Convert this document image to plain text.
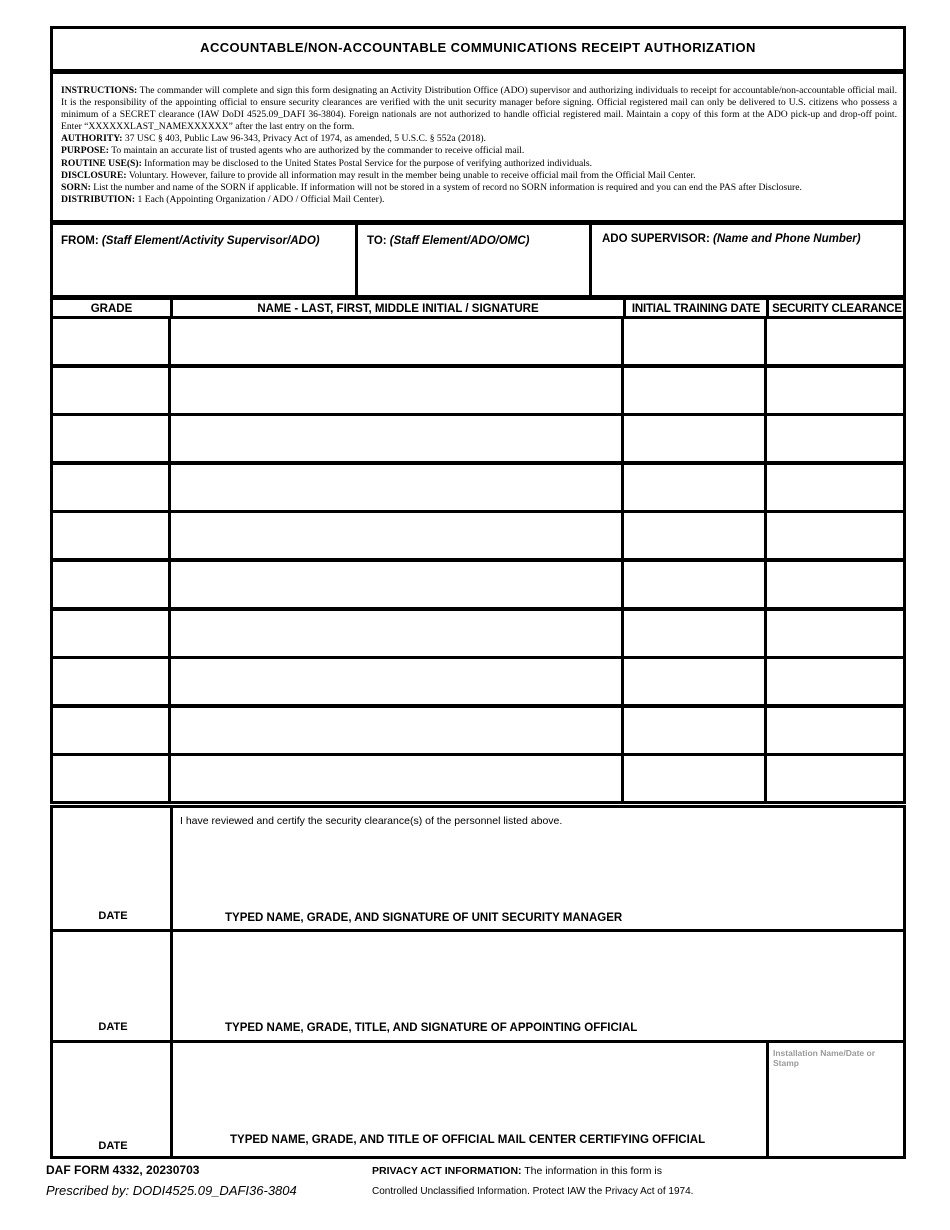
ACCOUNTABLE/NON-ACCOUNTABLE COMMUNICATIONS RECEIPT AUTHORIZATION

INSTRUCTIONS: The commander will complete and sign this form designating an Activity Distribution Office (ADO) supervisor and authorizing individuals to receipt for accountable/non-accountable official mail. It is the responsibility of the appointing official to ensure security clearances are verified with the unit security manager before signing. Official registered mail can only be delivered to U.S. citizens who possess a minimum of a SECRET clearance (IAW DoDI 4525.09_DAFI 36-3804). Foreign nationals are not authorized to handle official registered mail. Maintain a copy of this form at the ADO pick-up and drop-off point. Enter “XXXXXXLAST_NAMEXXXXXX” after the last entry on the form.

AUTHORITY: 37 USC § 403, Public Law 96-343, Privacy Act of 1974, as amended, 5 U.S.C. § 552a (2018).

PURPOSE: To maintain an accurate list of trusted agents who are authorized by the commander to receive official mail.

ROUTINE USE(S): Information may be disclosed to the United States Postal Service for the purpose of verifying authorized individuals.

DISCLOSURE: Voluntary. However, failure to provide all information may result in the member being unable to receive official mail from the Official Mail Center.

SORN: List the number and name of the SORN if applicable. If information will not be stored in a system of record no SORN information is required and you can end the PAS after Disclosure.

DISTRIBUTION: 1 Each (Appointing Organization / ADO / Official Mail Center).

FROM: (Staff Element/Activity Supervisor/ADO)	TO: (Staff Element/ADO/OMC)	ADO SUPERVISOR: (Name and Phone Number)
GRADE	NAME - LAST, FIRST, MIDDLE INITIAL / SIGNATURE	INITIAL TRAINING DATE	SECURITY CLEARANCE
I have reviewed and certify the security clearance(s) of the personnel listed above.
DATE	TYPED NAME, GRADE, AND SIGNATURE OF UNIT SECURITY MANAGER
DATE	TYPED NAME, GRADE, TITLE, AND SIGNATURE OF APPOINTING OFFICIAL
DATE	TYPED NAME, GRADE, AND TITLE OF OFFICIAL MAIL CENTER CERTIFYING OFFICIAL
Installation Name/Date or Stamp
DAF FORM 4332, 20230703
Prescribed by: DODI4525.09_DAFI36-3804
PRIVACY ACT INFORMATION: The information in this form is
Controlled Unclassified Information. Protect IAW the Privacy Act of 1974.
